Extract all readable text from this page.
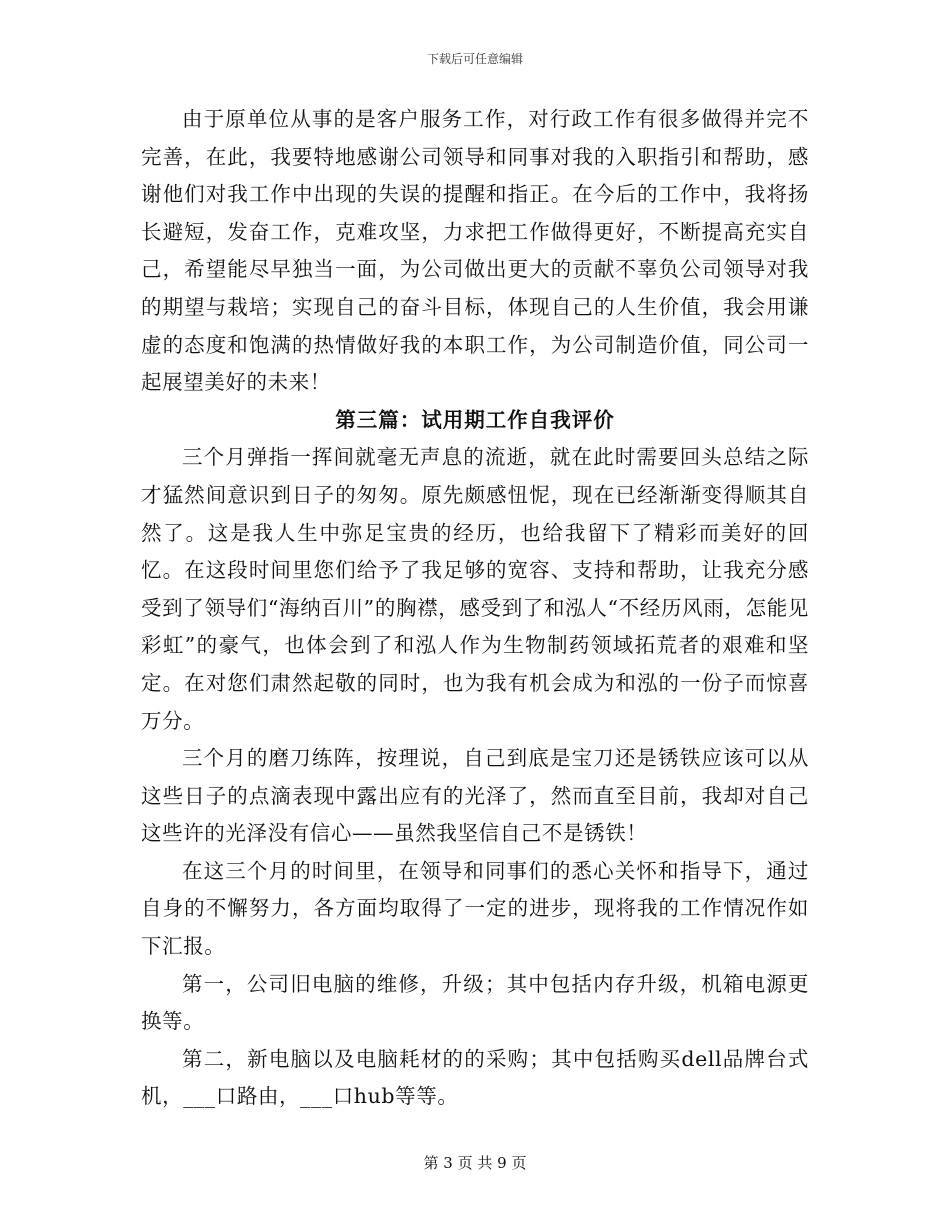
下载后可任意编辑

由于原单位从事的是客户服务工作，对行政工作有很多做得并完不完善，在此，我要特地感谢公司领导和同事对我的入职指引和帮助，感谢他们对我工作中出现的失误的提醒和指正。在今后的工作中，我将扬长避短，发奋工作，克难攻坚，力求把工作做得更好，不断提高充实自己，希望能尽早独当一面，为公司做出更大的贡献不辜负公司领导对我的期望与栽培；实现自己的奋斗目标，体现自己的人生价值，我会用谦虚的态度和饱满的热情做好我的本职工作，为公司制造价值，同公司一起展望美好的未来！

第三篇：试用期工作自我评价

三个月弹指一挥间就毫无声息的流逝，就在此时需要回头总结之际才猛然间意识到日子的匆匆。原先颇感忸怩，现在已经渐渐变得顺其自然了。这是我人生中弥足宝贵的经历，也给我留下了精彩而美好的回忆。在这段时间里您们给予了我足够的宽容、支持和帮助，让我充分感受到了领导们“海纳百川”的胸襟，感受到了和泓人“不经历风雨，怎能见彩虹”的豪气，也体会到了和泓人作为生物制药领域拓荒者的艰难和坚定。在对您们肃然起敬的同时，也为我有机会成为和泓的一份子而惊喜万分。

三个月的磨刀练阵，按理说，自己到底是宝刀还是锈铁应该可以从这些日子的点滴表现中露出应有的光泽了，然而直至目前，我却对自己这些许的光泽没有信心——虽然我坚信自己不是锈铁！

在这三个月的时间里，在领导和同事们的悉心关怀和指导下，通过自身的不懈努力，各方面均取得了一定的进步，现将我的工作情况作如下汇报。

第一，公司旧电脑的维修，升级；其中包括内存升级，机箱电源更换等。

第二，新电脑以及电脑耗材的的采购；其中包括购买dell品牌台式机，___口路由，___口hub等等。

第 3 页 共 9 页
